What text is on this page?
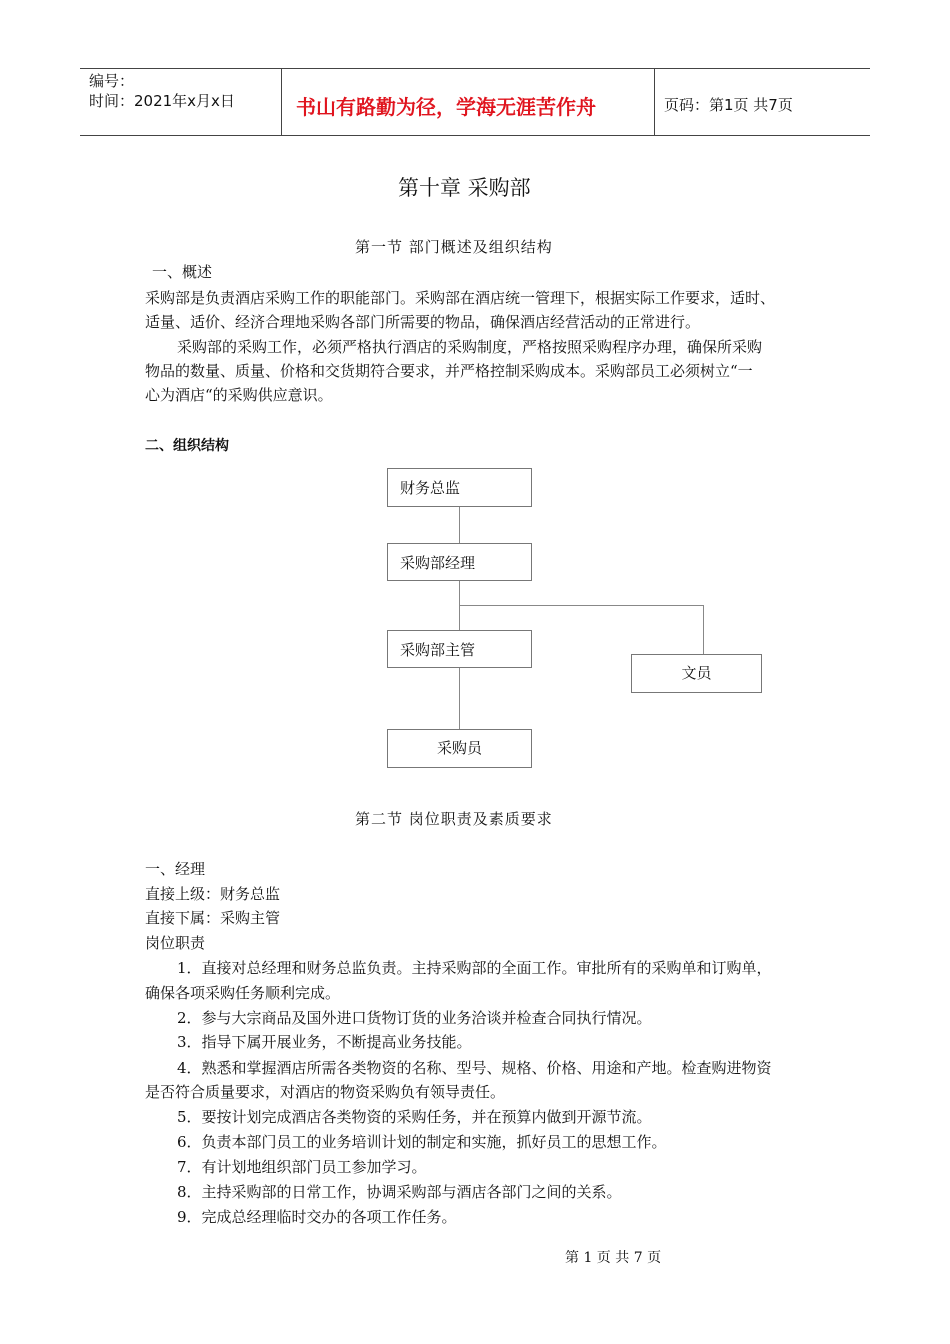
编号：
时间：2021年x月x日	书山有路勤为径，学海无涯苦作舟	页码：第1页 共7页
第十章 采购部
第一节 部门概述及组织结构
一、概述
采购部是负责酒店采购工作的职能部门。采购部在酒店统一管理下，根据实际工作要求，适时、
适量、适价、经济合理地采购各部门所需要的物品，确保酒店经营活动的正常进行。
采购部的采购工作，必须严格执行酒店的采购制度，严格按照采购程序办理，确保所采购
物品的数量、质量、价格和交货期符合要求，并严格控制采购成本。采购部员工必须树立“一
心为酒店“的采购供应意识。
二、组织结构
财务总监
采购部经理
采购部主管
文员
采购员
第二节 岗位职责及素质要求
一、经理
直接上级：财务总监
直接下属：采购主管
岗位职责
1．直接对总经理和财务总监负责。主持采购部的全面工作。审批所有的采购单和订购单，
确保各项采购任务顺利完成。
2．参与大宗商品及国外进口货物订货的业务洽谈并检查合同执行情况。
3．指导下属开展业务，不断提高业务技能。
4．熟悉和掌握酒店所需各类物资的名称、型号、规格、价格、用途和产地。检查购进物资
是否符合质量要求，对酒店的物资采购负有领导责任。
5．要按计划完成酒店各类物资的采购任务，并在预算内做到开源节流。
6．负责本部门员工的业务培训计划的制定和实施，抓好员工的思想工作。
7．有计划地组织部门员工参加学习。
8．主持采购部的日常工作，协调采购部与酒店各部门之间的关系。
9．完成总经理临时交办的各项工作任务。
第 1 页 共 7 页
